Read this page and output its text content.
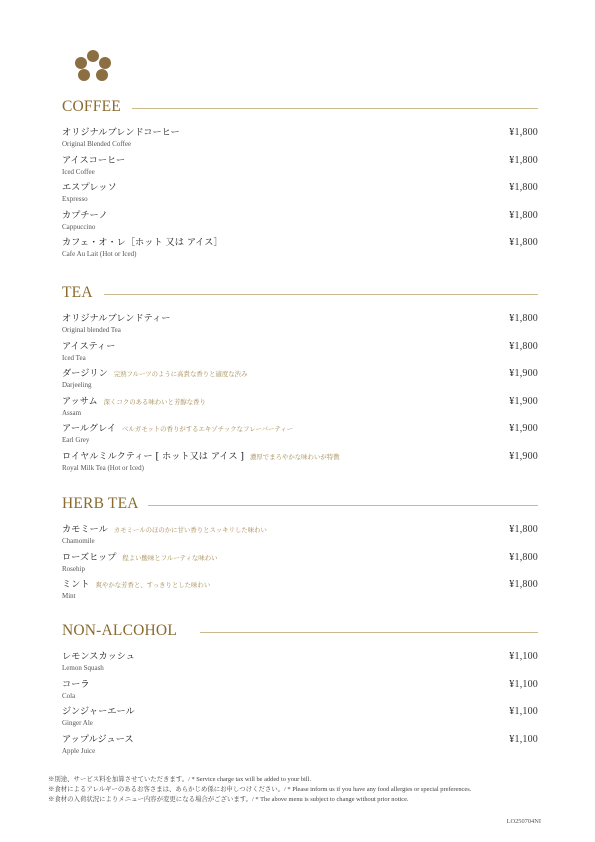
COFFEE
オリジナルブレンドコーヒー
Original Blended Coffee
¥1,800
アイスコーヒー
Iced Coffee
¥1,800
エスプレッソ
Expresso
¥1,800
カプチーノ
Cappuccino
¥1,800
カフェ・オ・レ［ホット 又は アイス］
Cafe Au Lait (Hot or Iced)
¥1,800
TEA
オリジナルブレンドティー
Original blended Tea
¥1,800
アイスティー
Iced Tea
¥1,800
ダージリン 完熟フルーツのように高貴な香りと適度な渋み
Darjeeling
¥1,900
アッサム 深くコクのある味わいと芳醇な香り
Assam
¥1,900
アールグレイ ベルガモットの香りがするエキゾチックなフレーバーティー
Earl Grey
¥1,900
ロイヤルミルクティー [ ホット又は アイス ] 濃厚でまろやかな味わいが特徴
Royal Milk Tea (Hot or Iced)
¥1,900
HERB TEA
カモミール カモミールのほのかに甘い香りとスッキリした味わい
Chamomile
¥1,800
ローズヒップ 程よい酸味とフルーティな味わい
Rosehip
¥1,800
ミント 爽やかな芳香と、すっきりとした味わい
Mint
¥1,800
NON-ALCOHOL
レモンスカッシュ
Lemon Squash
¥1,100
コーラ
Cola
¥1,100
ジンジャーエール
Ginger Ale
¥1,100
アップルジュース
Apple Juice
¥1,100
※別途、サービス料を加算させていただきます。/ * Service charge tax will be added to your bill.
※食材によるアレルギーのあるお客さまは、あらかじめ係にお申しつけください。/ * Please inform us if you have any food allergies or special preferences.
※食材の入荷状況によりメニュー内容が変更になる場合がございます。/ * The above menu is subject to change without prior notice.
LO250704NI
